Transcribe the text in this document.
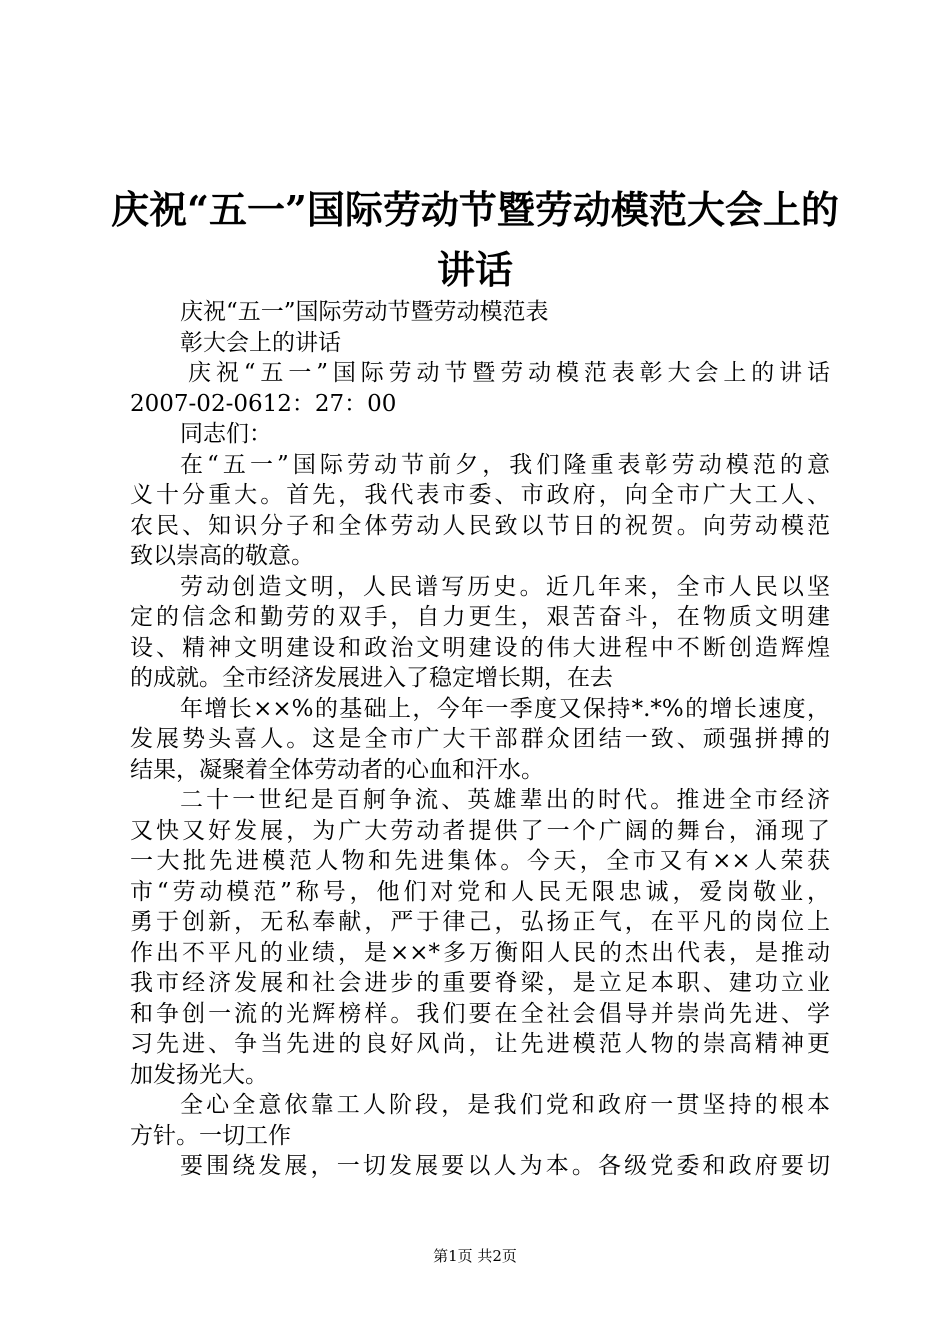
庆祝“五一”国际劳动节暨劳动模范大会上的
讲话
庆祝“五一”国际劳动节暨劳动模范表
彰大会上的讲话
庆祝“五一”国际劳动节暨劳动模范表彰大会上的讲话
2007-02-0612：27：00
同志们：
在“五一”国际劳动节前夕，我们隆重表彰劳动模范的意
义十分重大。首先，我代表市委、市政府，向全市广大工人、
农民、知识分子和全体劳动人民致以节日的祝贺。向劳动模范
致以崇高的敬意。
劳动创造文明，人民谱写历史。近几年来，全市人民以坚
定的信念和勤劳的双手，自力更生，艰苦奋斗，在物质文明建
设、精神文明建设和政治文明建设的伟大进程中不断创造辉煌
的成就。全市经济发展进入了稳定增长期，在去
年增长××%的基础上，今年一季度又保持*.*%的增长速度，
发展势头喜人。这是全市广大干部群众团结一致、顽强拼搏的
结果，凝聚着全体劳动者的心血和汗水。
二十一世纪是百舸争流、英雄辈出的时代。推进全市经济
又快又好发展，为广大劳动者提供了一个广阔的舞台，涌现了
一大批先进模范人物和先进集体。今天，全市又有××人荣获
市“劳动模范”称号，他们对党和人民无限忠诚，爱岗敬业，
勇于创新，无私奉献，严于律己，弘扬正气，在平凡的岗位上
作出不平凡的业绩，是××*多万衡阳人民的杰出代表，是推动
我市经济发展和社会进步的重要脊梁，是立足本职、建功立业
和争创一流的光辉榜样。我们要在全社会倡导并崇尚先进、学
习先进、争当先进的良好风尚，让先进模范人物的崇高精神更
加发扬光大。
全心全意依靠工人阶段，是我们党和政府一贯坚持的根本
方针。一切工作
要围绕发展，一切发展要以人为本。各级党委和政府要切
第1页 共2页
